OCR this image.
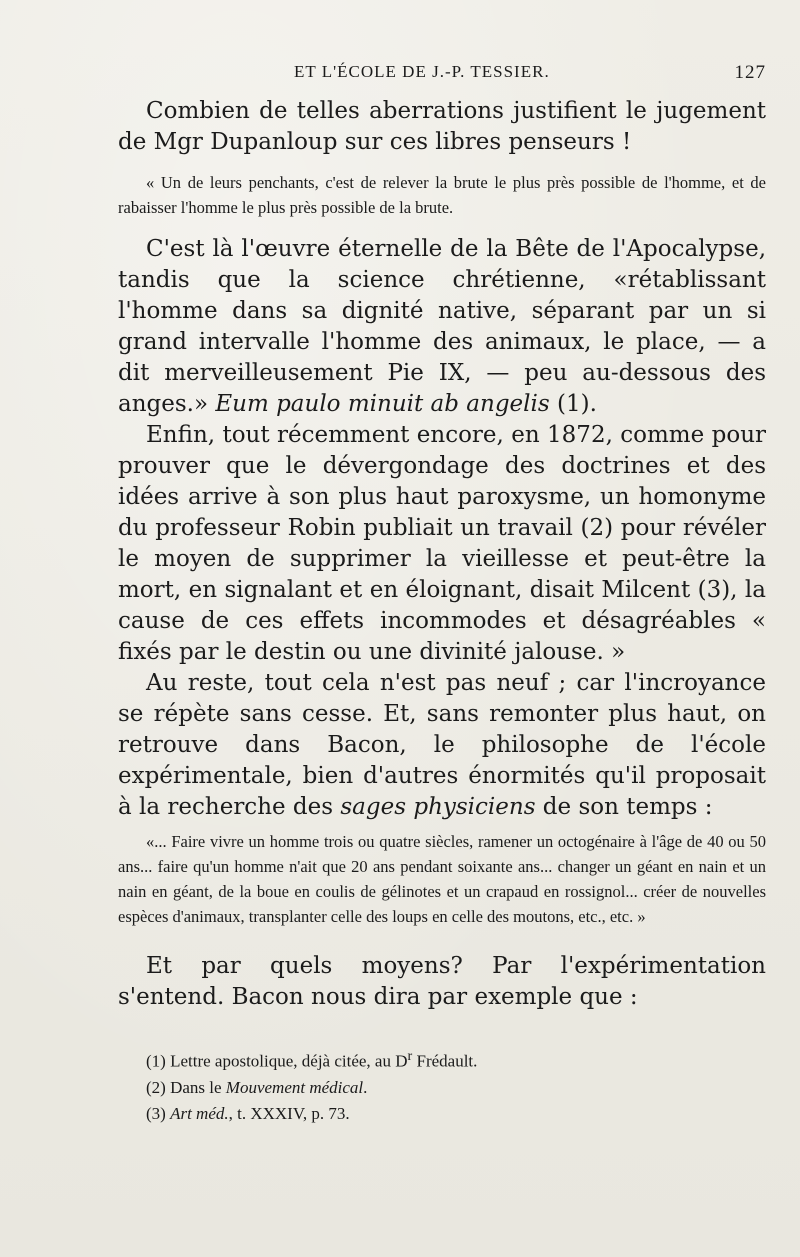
ET L'ÉCOLE DE J.-P. TESSIER.	127

Combien de telles aberrations justifient le jugement de Mgr Dupanloup sur ces libres penseurs !

« Un de leurs penchants, c'est de relever la brute le plus près possible de l'homme, et de rabaisser l'homme le plus près possible de la brute.

C'est là l'œuvre éternelle de la Bête de l'Apocalypse, tandis que la science chrétienne, «rétablissant l'homme dans sa dignité native, séparant par un si grand intervalle l'homme des animaux, le place, — a dit merveilleusement Pie IX, — peu au-dessous des anges.» Eum paulo minuit ab angelis (1).

Enfin, tout récemment encore, en 1872, comme pour prouver que le dévergondage des doctrines et des idées arrive à son plus haut paroxysme, un homonyme du professeur Robin publiait un travail (2) pour révéler le moyen de supprimer la vieillesse et peut-être la mort, en signalant et en éloignant, disait Milcent (3), la cause de ces effets incommodes et désagréables « fixés par le destin ou une divinité jalouse. »

Au reste, tout cela n'est pas neuf ; car l'incroyance se répète sans cesse. Et, sans remonter plus haut, on retrouve dans Bacon, le philosophe de l'école expérimentale, bien d'autres énormités qu'il proposait à la recherche des sages physiciens de son temps :

«... Faire vivre un homme trois ou quatre siècles, ramener un octogénaire à l'âge de 40 ou 50 ans... faire qu'un homme n'ait que 20 ans pendant soixante ans... changer un géant en nain et un nain en géant, de la boue en coulis de gélinotes et un crapaud en rossignol... créer de nouvelles espèces d'animaux, transplanter celle des loups en celle des moutons, etc., etc. »

Et par quels moyens? Par l'expérimentation s'entend. Bacon nous dira par exemple que :

(1) Lettre apostolique, déjà citée, au $D^r$ Frédault.
(2) Dans le Mouvement médical.
(3) Art méd., t. XXXIV, p. 73.
